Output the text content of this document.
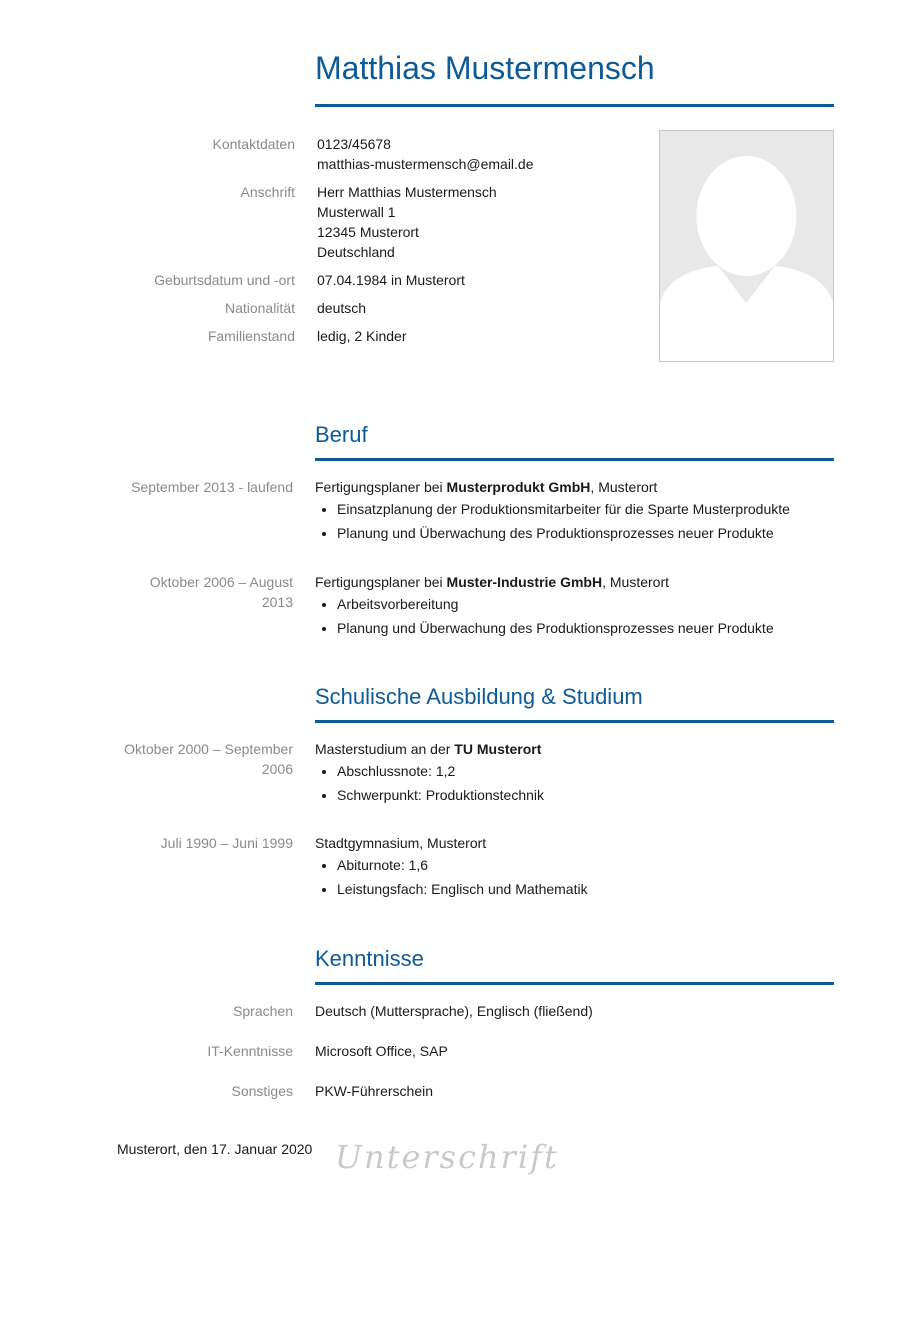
Matthias Mustermensch
Kontaktdaten 0123/45678
matthias-mustermensch@email.de
Anschrift Herr Matthias Mustermensch
Musterwall 1
12345 Musterort
Deutschland
Geburtsdatum und -ort 07.04.1984 in Musterort
Nationalität deutsch
Familienstand ledig, 2 Kinder
Beruf
September 2013 - laufend Fertigungsplaner bei Musterprodukt GmbH, Musterort
• Einsatzplanung der Produktionsmitarbeiter für die Sparte Musterprodukte
• Planung und Überwachung des Produktionsprozesses neuer Produkte
Oktober 2006 – August 2013
Fertigungsplaner bei Muster-Industrie GmbH, Musterort
• Arbeitsvorbereitung
• Planung und Überwachung des Produktionsprozesses neuer Produkte
Schulische Ausbildung & Studium
Oktober 2000 – September
2006
Masterstudium an der TU Musterort
• Abschlussnote: 1,2
• Schwerpunkt: Produktionstechnik
Juli 1990 – Juni 1999 Stadtgymnasium, Musterort
• Abiturnote: 1,6
• Leistungsfach: Englisch und Mathematik
Kenntnisse
Sprachen Deutsch (Muttersprache), Englisch (fließend)
IT-Kenntnisse Microsoft Office, SAP
Sonstiges PKW-Führerschein
Musterort, den 17. Januar 2020 Unterschrift
